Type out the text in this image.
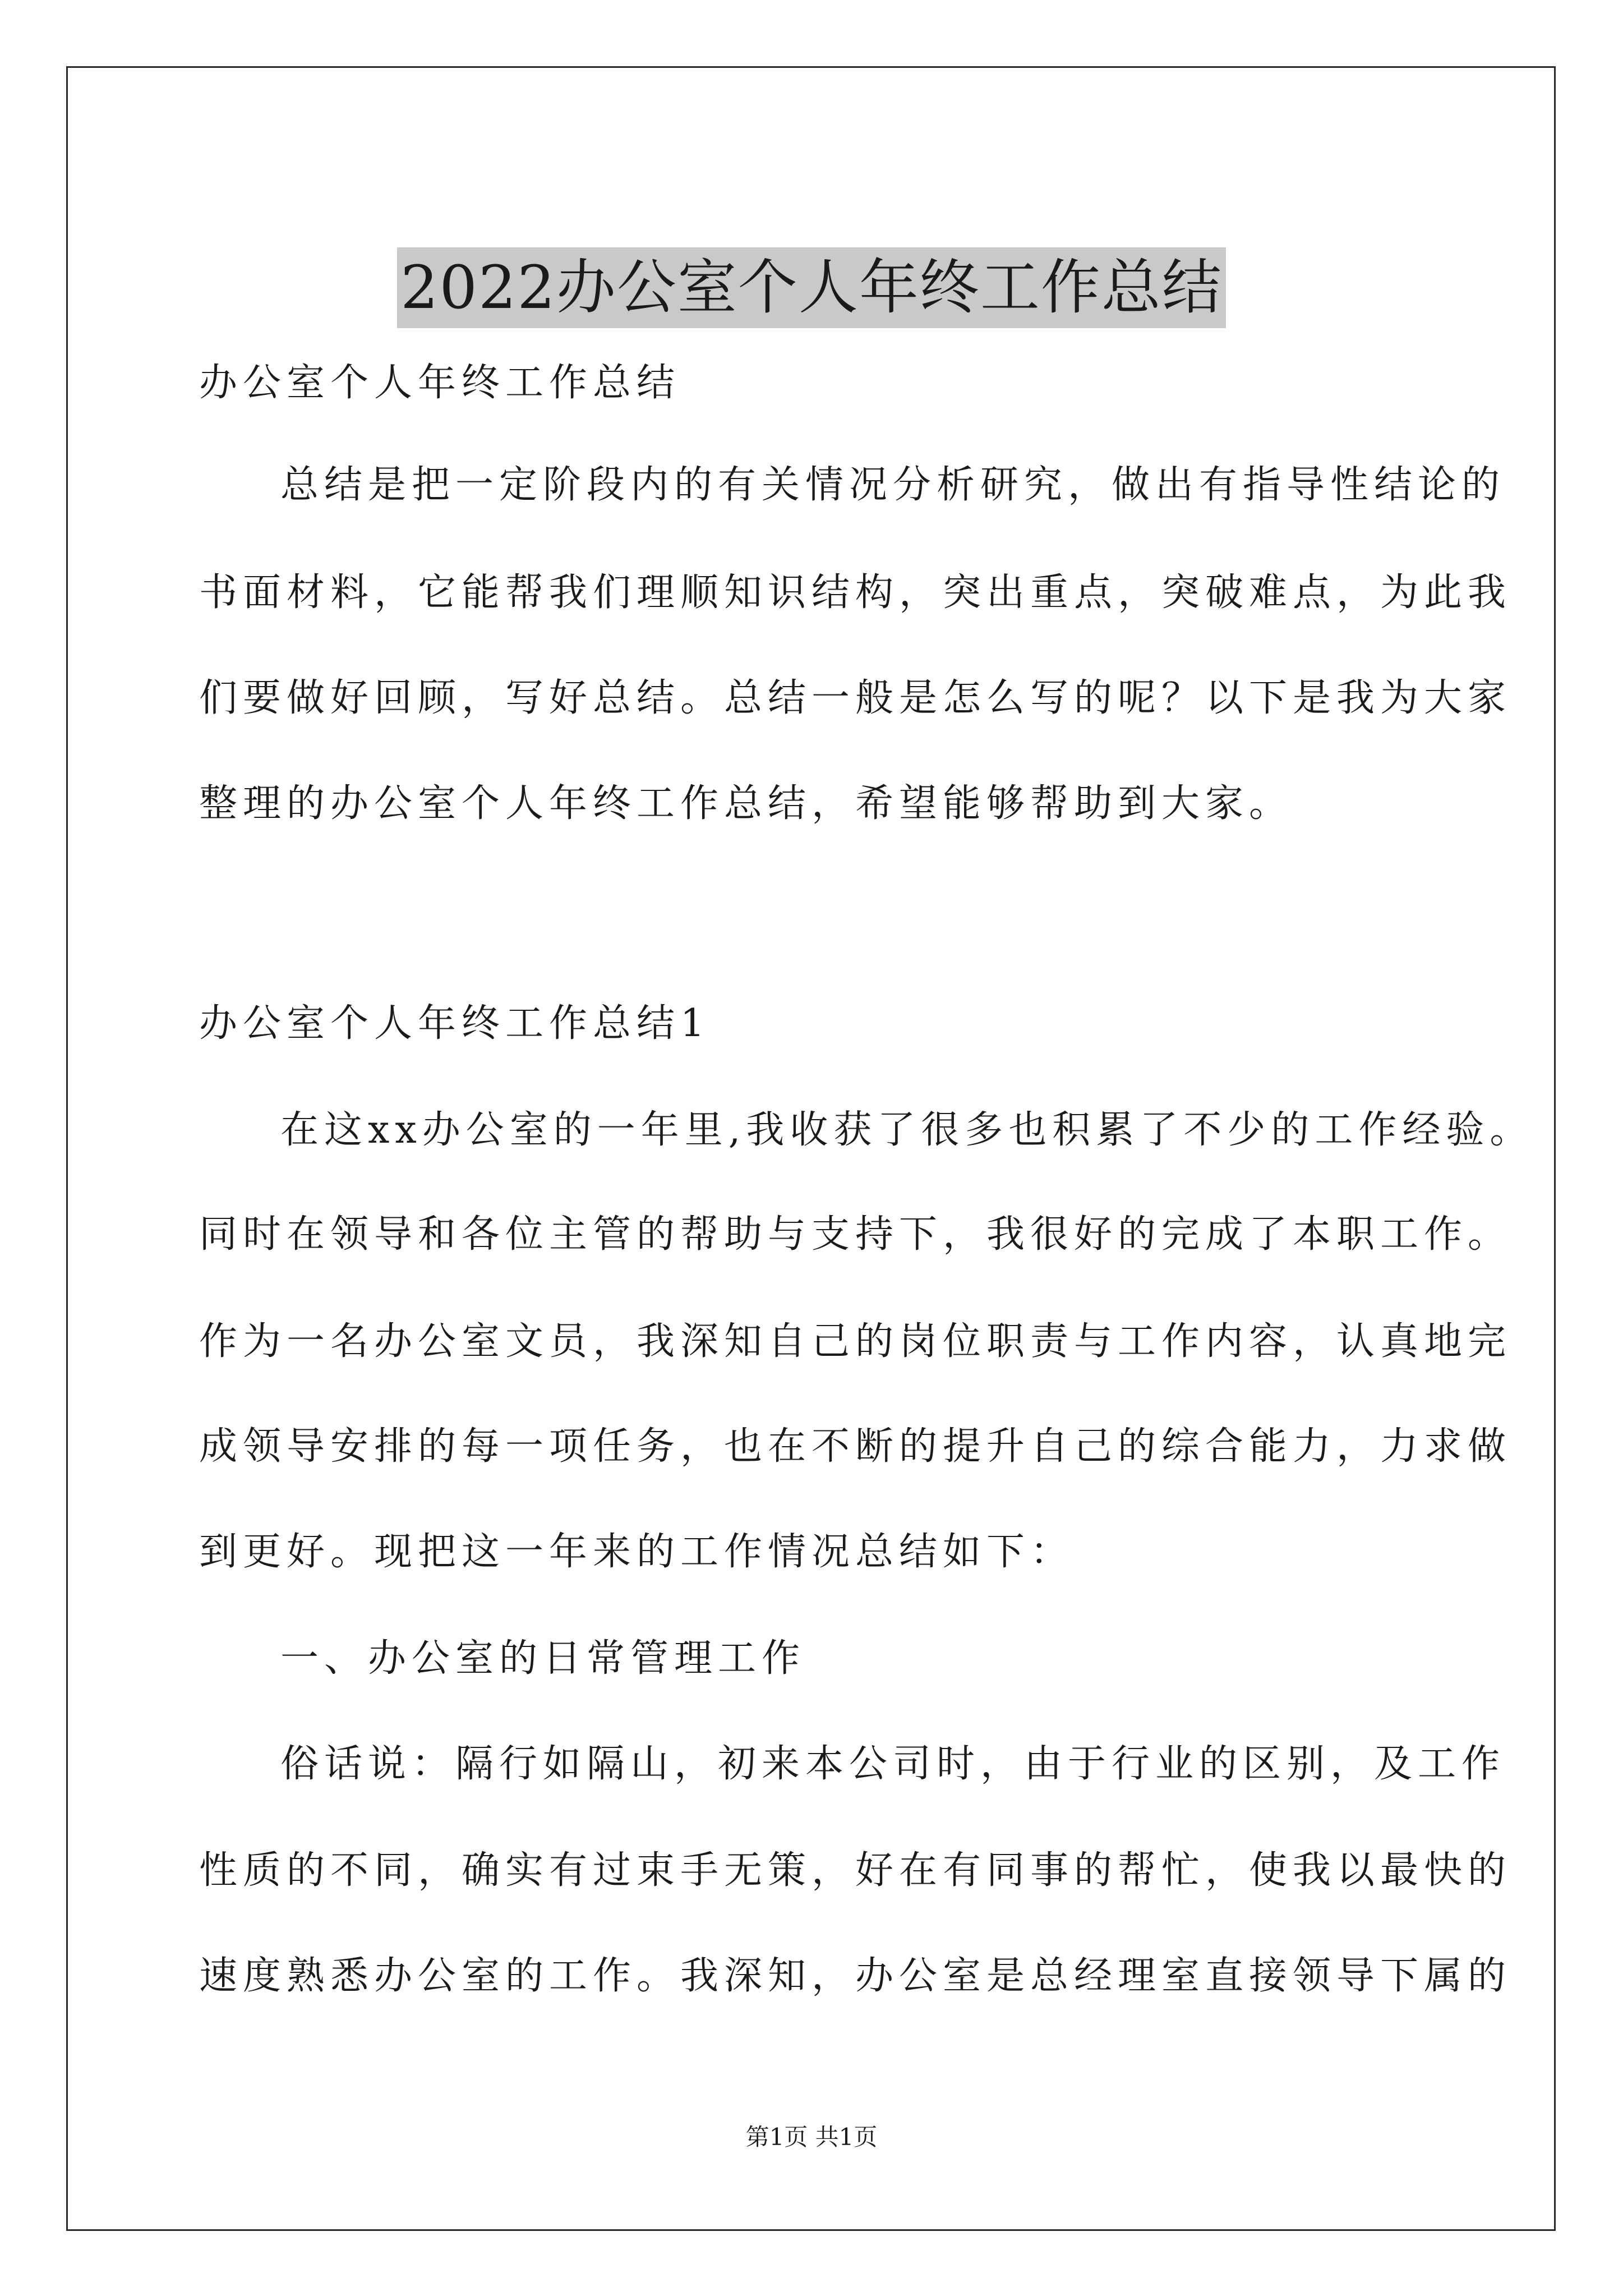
2022办公室个人年终工作总结
办公室个人年终工作总结
总结是把一定阶段内的有关情况分析研究，做出有指导性结论的
书面材料，它能帮我们理顺知识结构，突出重点，突破难点，为此我
们要做好回顾，写好总结。总结一般是怎么写的呢？以下是我为大家
整理的办公室个人年终工作总结，希望能够帮助到大家。
办公室个人年终工作总结1
在这xx办公室的一年里,我收获了很多也积累了不少的工作经验。
同时在领导和各位主管的帮助与支持下，我很好的完成了本职工作。
作为一名办公室文员，我深知自己的岗位职责与工作内容，认真地完
成领导安排的每一项任务，也在不断的提升自己的综合能力，力求做
到更好。现把这一年来的工作情况总结如下：
一、办公室的日常管理工作
俗话说：隔行如隔山，初来本公司时，由于行业的区别，及工作
性质的不同，确实有过束手无策，好在有同事的帮忙，使我以最快的
速度熟悉办公室的工作。我深知，办公室是总经理室直接领导下属的
第1页 共1页
